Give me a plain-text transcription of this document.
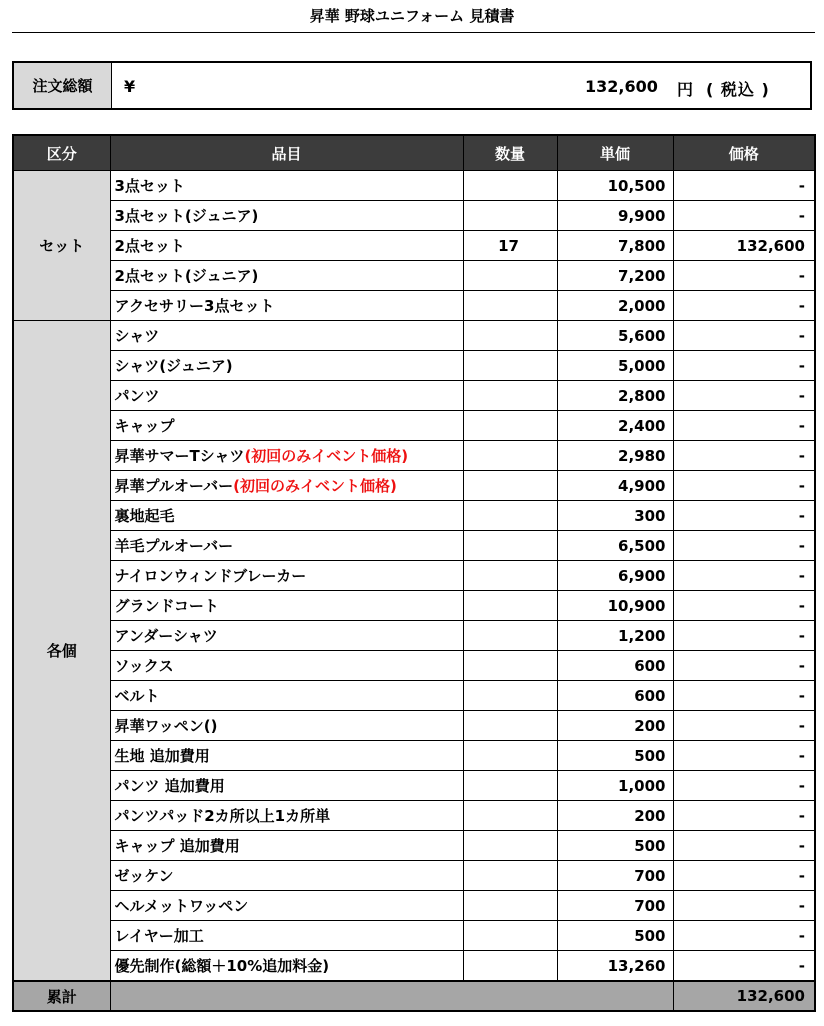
昇華 野球ユニフォーム 見積書
注文総額	¥	132,600 円 ( 税込 )
区分	品目	数量	単価	価格
セット	3点セット		10,500	-
	3点セット(ジュニア)		9,900	-
	2点セット	17	7,800	132,600
	2点セット(ジュニア)		7,200	-
	アクセサリー3点セット		2,000	-
各個	シャツ		5,600	-
	シャツ(ジュニア)		5,000	-
	パンツ		2,800	-
	キャップ		2,400	-
	昇華サマーTシャツ(初回のみイベント価格)		2,980	-
	昇華プルオーバー(初回のみイベント価格)		4,900	-
	裏地起毛		300	-
	羊毛プルオーバー		6,500	-
	ナイロンウィンドブレーカー		6,900	-
	グランドコート		10,900	-
	アンダーシャツ		1,200	-
	ソックス		600	-
	ベルト		600	-
	昇華ワッペン()		200	-
	生地 追加費用		500	-
	パンツ 追加費用		1,000	-
	パンツパッド2カ所以上1カ所単		200	-
	キャップ 追加費用		500	-
	ゼッケン		700	-
	ヘルメットワッペン		700	-
	レイヤー加工		500	-
	優先制作(総額＋10%追加料金)		13,260	-
累計				132,600
